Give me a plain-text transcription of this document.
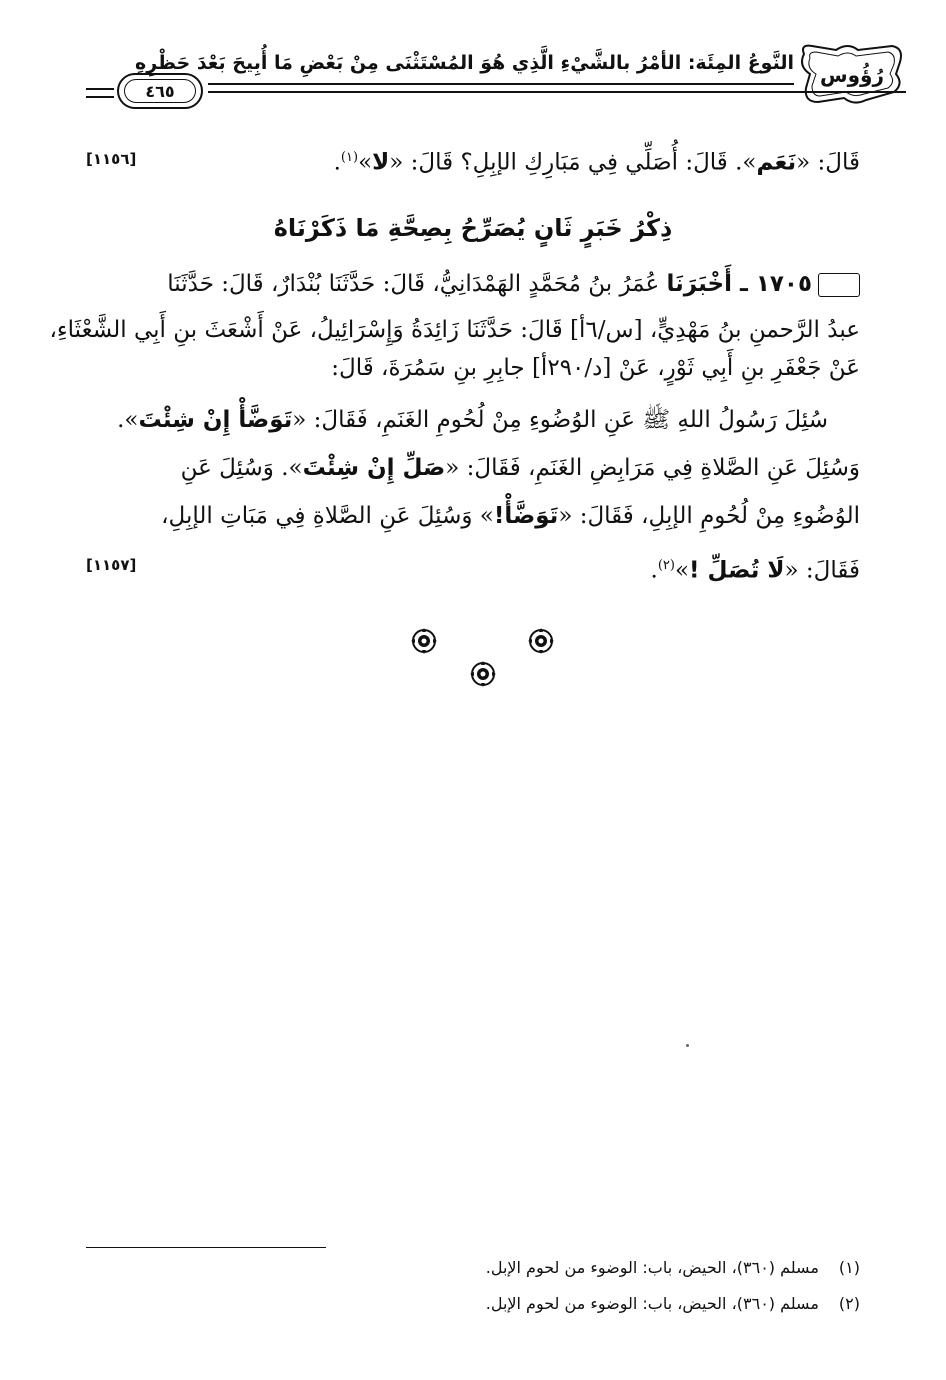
رُؤُوس
النَّوعُ المِئَة: الأمْرُ بالشَّيْءِ الَّذِي هُوَ المُسْتَثْنَى مِنْ بَعْضِ مَا أُبِيحَ بَعْدَ حَظْرِهِ
٤٦٥
قَالَ: «نَعَم». قَالَ: أُصَلِّي فِي مَبَارِكِ الإبِلِ؟ قَالَ: «لا»$^{(١)}$.
[١١٥٦]
ذِكْرُ خَبَرٍ ثَانٍ يُصَرِّحُ بِصِحَّةِ مَا ذَكَرْنَاهُ
١٧٠٥ ـ أَخْبَرَنَا عُمَرُ بنُ مُحَمَّدٍ الهَمْدَانِيُّ، قَالَ: حَدَّثَنَا بُنْدَارٌ، قَالَ: حَدَّثَنَا
عبدُ الرَّحمنِ بنُ مَهْدِيٍّ، [س/٦أ] قَالَ: حَدَّثَنَا زَائِدَةُ وَإِسْرَائِيلُ، عَنْ أَشْعَثَ بنِ أَبِي الشَّعْثَاءِ،
عَنْ جَعْفَرِ بنِ أَبِي ثَوْرٍ، عَنْ [د/٢٩٠أ] جابِرِ بنِ سَمُرَةَ، قَالَ:
سُئِلَ رَسُولُ اللهِ ﷺ عَنِ الوُضُوءِ مِنْ لُحُومِ الغَنَمِ، فَقَالَ: «تَوَضَّأْ إِنْ شِئْتَ».
وَسُئِلَ عَنِ الصَّلاةِ فِي مَرَابِضِ الغَنَمِ، فَقَالَ: «صَلِّ إِنْ شِئْتَ». وَسُئِلَ عَنِ
الوُضُوءِ مِنْ لُحُومِ الإبِلِ، فَقَالَ: «تَوَضَّأْ!» وَسُئِلَ عَنِ الصَّلاةِ فِي مَبَاتِ الإبِلِ،
فَقَالَ: «لَا تُصَلِّ !»$^{(٢)}$.
[١١٥٧]
(١)مسلم (٣٦٠)، الحيض، باب: الوضوء من لحوم الإبل.
(٢)مسلم (٣٦٠)، الحيض، باب: الوضوء من لحوم الإبل.
